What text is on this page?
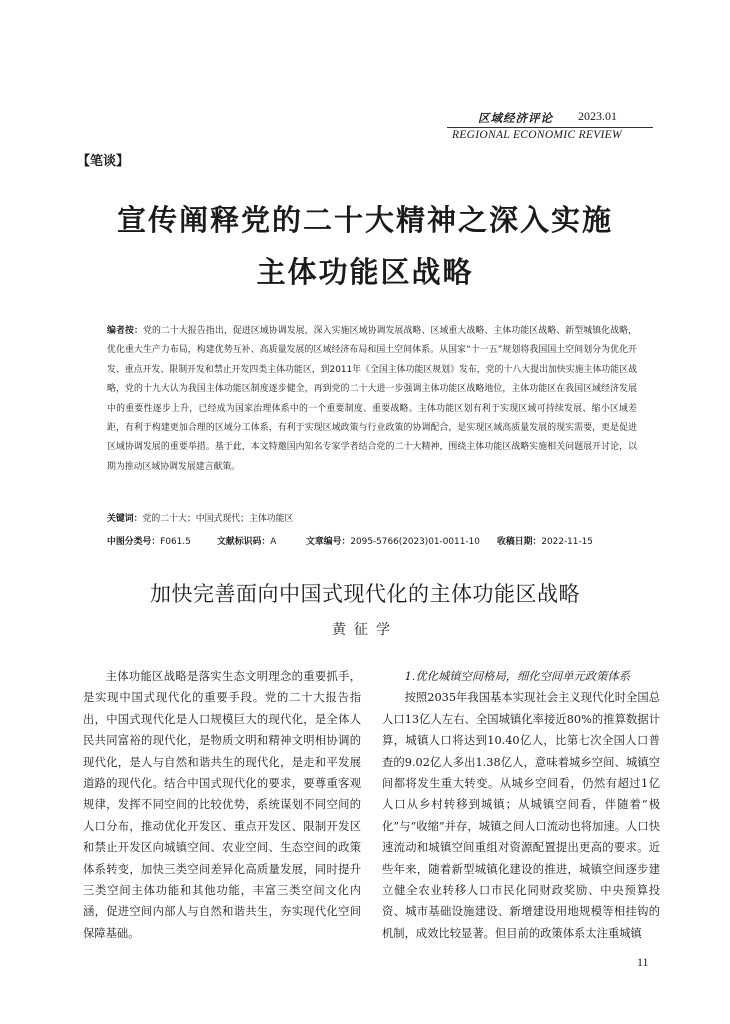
区域经济评论 2023.01
REGIONAL ECONOMIC REVIEW
【笔谈】
宣传阐释党的二十大精神之深入实施
主体功能区战略
编者按：党的二十大报告指出，促进区域协调发展，深入实施区域协调发展战略、区域重大战略、主体功能区战略、新型城镇化战略，优化重大生产力布局，构建优势互补、高质量发展的区域经济布局和国土空间体系。从国家“十一五”规划将我国国土空间划分为优化开发、重点开发、限制开发和禁止开发四类主体功能区，到2011年《全国主体功能区规划》发布，党的十八大提出加快实施主体功能区战略，党的十九大认为我国主体功能区制度逐步健全，再到党的二十大进一步强调主体功能区战略地位，主体功能区在我国区域经济发展中的重要性逐步上升，已经成为国家治理体系中的一个重要制度、重要战略。主体功能区划有利于实现区域可持续发展、缩小区域差距，有利于构建更加合理的区域分工体系，有利于实现区域政策与行业政策的协调配合，是实现区域高质量发展的现实需要，更是促进区域协调发展的重要举措。基于此，本文特邀国内知名专家学者结合党的二十大精神，围绕主体功能区战略实施相关问题展开讨论，以期为推动区域协调发展建言献策。
关键词：党的二十大；中国式现代；主体功能区
中图分类号：F061.5	文献标识码：A	文章编号：2095-5766(2023)01-0011-10 收稿日期：2022-11-15
加快完善面向中国式现代化的主体功能区战略
黄征学

主体功能区战略是落实生态文明理念的重要抓手，是实现中国式现代化的重要手段。党的二十大报告指出，中国式现代化是人口规模巨大的现代化，是全体人民共同富裕的现代化，是物质文明和精神文明相协调的现代化，是人与自然和谐共生的现代化，是走和平发展道路的现代化。结合中国式现代化的要求，要尊重客观规律，发挥不同空间的比较优势，系统谋划不同空间的人口分布，推动优化开发区、重点开发区、限制开发区和禁止开发区向城镇空间、农业空间、生态空间的政策体系转变，加快三类空间差异化高质量发展，同时提升三类空间主体功能和其他功能，丰富三类空间文化内涵，促进空间内部人与自然和谐共生，夯实现代化空间保障基础。

1.优化城镇空间格局，细化空间单元政策体系

按照2035年我国基本实现社会主义现代化时全国总人口13亿人左右、全国城镇化率接近80%的推算数据计算，城镇人口将达到10.40亿人，比第七次全国人口普查的9.02亿人多出1.38亿人，意味着城乡空间、城镇空间都将发生重大转变。从城乡空间看，仍然有超过1亿人口从乡村转移到城镇；从城镇空间看，伴随着“极化”与“收缩”并存，城镇之间人口流动也将加速。人口快速流动和城镇空间重组对资源配置提出更高的要求。近些年来，随着新型城镇化建设的推进，城镇空间逐步建立健全农业转移人口市民化同财政奖励、中央预算投资、城市基础设施建设、新增建设用地规模等相挂钩的机制，成效比较显著。但目前的政策体系太注重城镇

11
